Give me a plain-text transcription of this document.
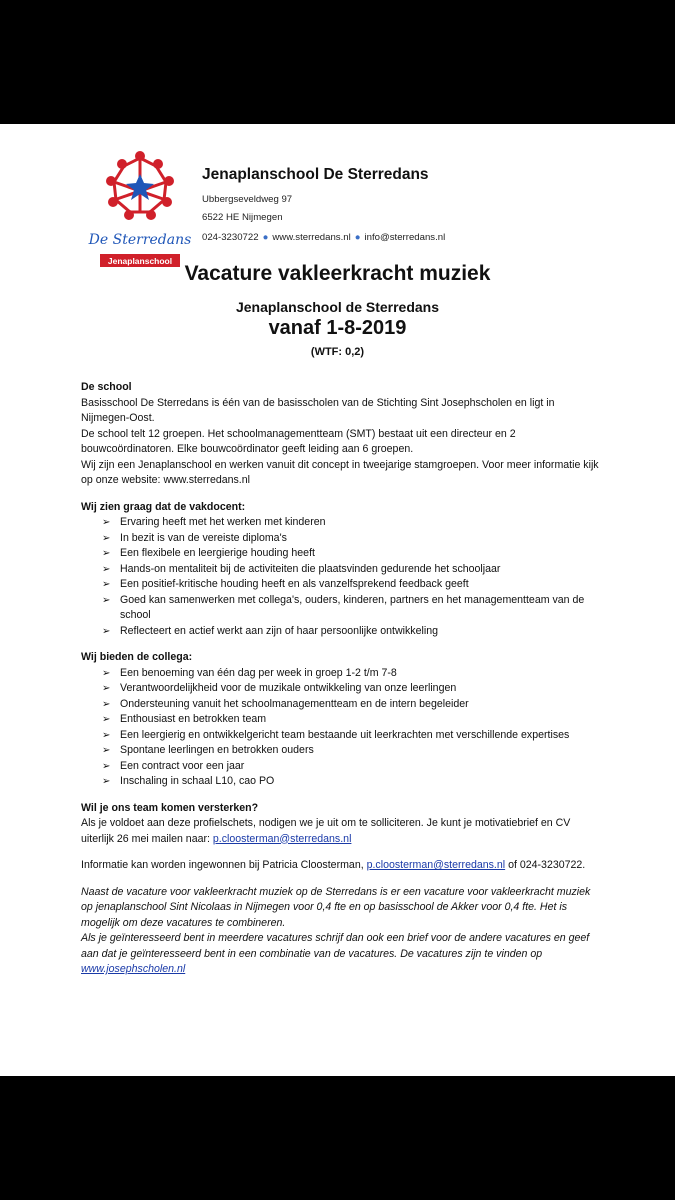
De Sterredans
Jenaplanschool
Jenaplanschool De Sterredans
Ubbergseveldweg 97
6522 HE Nijmegen
024-3230722 ● www.sterredans.nl ● info@sterredans.nl
Vacature vakleerkracht muziek
Jenaplanschool de Sterredans
vanaf 1-8-2019
(WTF: 0,2)
De school
Basisschool De Sterredans is één van de basisscholen van de Stichting Sint Josephscholen en ligt in Nijmegen-Oost.
De school telt 12 groepen. Het schoolmanagementteam (SMT) bestaat uit een directeur en 2 bouwcoördinatoren. Elke bouwcoördinator geeft leiding aan 6 groepen.
Wij zijn een Jenaplanschool en werken vanuit dit concept in tweejarige stamgroepen. Voor meer informatie kijk op onze website: www.sterredans.nl
Wij zien graag dat de vakdocent:
➢ Ervaring heeft met het werken met kinderen
➢ In bezit is van de vereiste diploma's
➢ Een flexibele en leergierige houding heeft
➢ Hands-on mentaliteit bij de activiteiten die plaatsvinden gedurende het schooljaar
➢ Een positief-kritische houding heeft en als vanzelfsprekend feedback geeft
➢ Goed kan samenwerken met collega's, ouders, kinderen, partners en het managementteam van de school
➢ Reflecteert en actief werkt aan zijn of haar persoonlijke ontwikkeling
Wij bieden de collega:
➢ Een benoeming van één dag per week in groep 1-2 t/m 7-8
➢ Verantwoordelijkheid voor de muzikale ontwikkeling van onze leerlingen
➢ Ondersteuning vanuit het schoolmanagementteam en de intern begeleider
➢ Enthousiast en betrokken team
➢ Een leergierig en ontwikkelgericht team bestaande uit leerkrachten met verschillende expertises
➢ Spontane leerlingen en betrokken ouders
➢ Een contract voor een jaar
➢ Inschaling in schaal L10, cao PO
Wil je ons team komen versterken?
Als je voldoet aan deze profielschets, nodigen we je uit om te solliciteren. Je kunt je motivatiebrief en CV uiterlijk 26 mei mailen naar: p.cloosterman@sterredans.nl
Informatie kan worden ingewonnen bij Patricia Cloosterman, p.cloosterman@sterredans.nl of 024-3230722.
Naast de vacature voor vakleerkracht muziek op de Sterredans is er een vacature voor vakleerkracht muziek op jenaplanschool Sint Nicolaas in Nijmegen voor 0,4 fte en op basisschool de Akker voor 0,4 fte. Het is mogelijk om deze vacatures te combineren.
Als je geïnteresseerd bent in meerdere vacatures schrijf dan ook een brief voor de andere vacatures en geef aan dat je geïnteresseerd bent in een combinatie van de vacatures. De vacatures zijn te vinden op www.josephscholen.nl
